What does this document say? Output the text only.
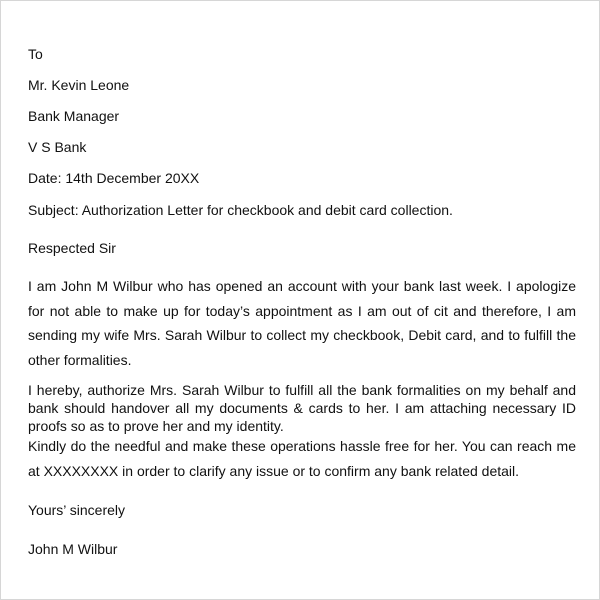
To
Mr. Kevin Leone
Bank Manager
V S Bank
Date: 14th December 20XX
Subject: Authorization Letter for checkbook and debit card collection.
Respected Sir

I am John M Wilbur who has opened an account with your bank last week. I apologize for not able to make up for today’s appointment as I am out of cit and therefore, I am sending my wife Mrs. Sarah Wilbur to collect my checkbook, Debit card, and to fulfill the other formalities.

I hereby, authorize Mrs. Sarah Wilbur to fulfill all the bank formalities on my behalf and bank should handover all my documents & cards to her. I am attaching necessary ID proofs so as to prove her and my identity.

Kindly do the needful and make these operations hassle free for her. You can reach me at XXXXXXXX in order to clarify any issue or to confirm any bank related detail.

Yours’ sincerely
John M Wilbur
